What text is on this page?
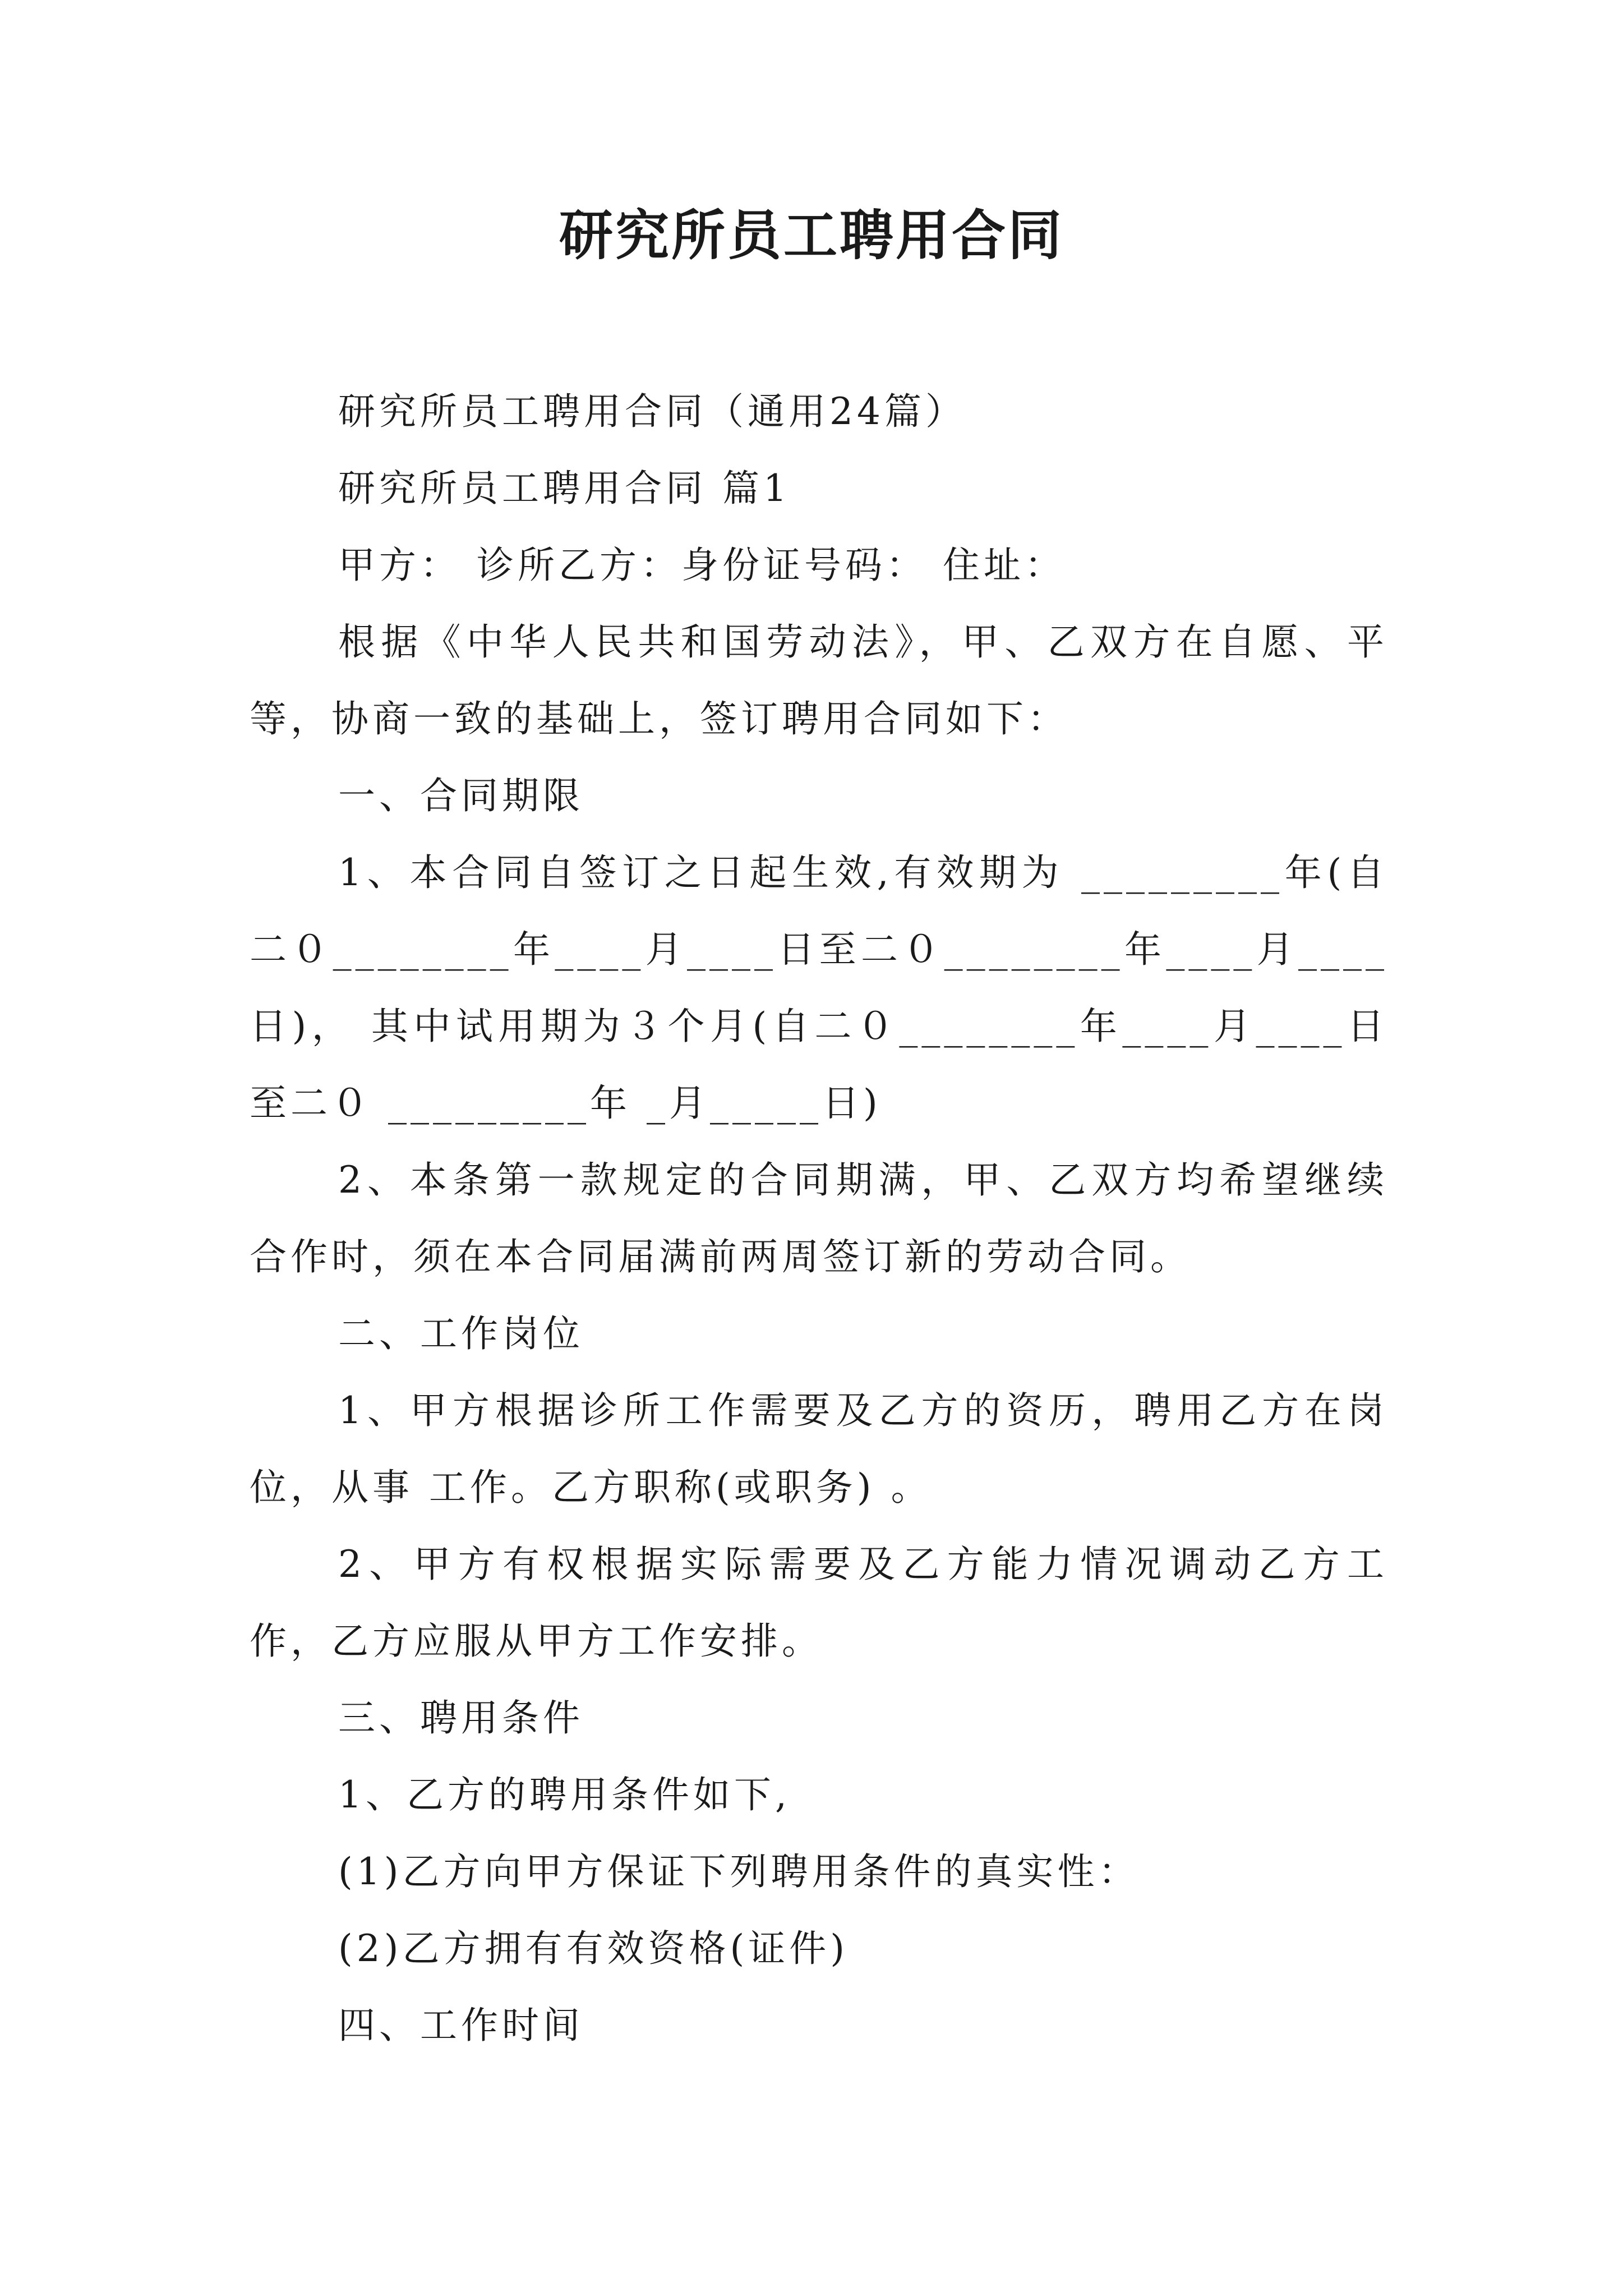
研究所员工聘用合同

研究所员工聘用合同（通用24篇）

研究所员工聘用合同 篇1

甲方： 诊所乙方：身份证号码： 住址：

根据《中华人民共和国劳动法》，甲、乙双方在自愿、平等，协商一致的基础上，签订聘用合同如下：

一、合同期限

1、本合同自签订之日起生效,有效期为 _________年(自二０________年____月____日至二０________年____月____日)， 其中试用期为３个月(自二０________年____月____日至二０ _________年 _月_____日)

2、本条第一款规定的合同期满，甲、乙双方均希望继续合作时，须在本合同届满前两周签订新的劳动合同。

二、工作岗位

1、甲方根据诊所工作需要及乙方的资历，聘用乙方在岗位，从事 工作。乙方职称(或职务) 。

2、甲方有权根据实际需要及乙方能力情况调动乙方工作，乙方应服从甲方工作安排。

三、聘用条件

1、乙方的聘用条件如下,

(1)乙方向甲方保证下列聘用条件的真实性：

(2)乙方拥有有效资格(证件)

四、工作时间
